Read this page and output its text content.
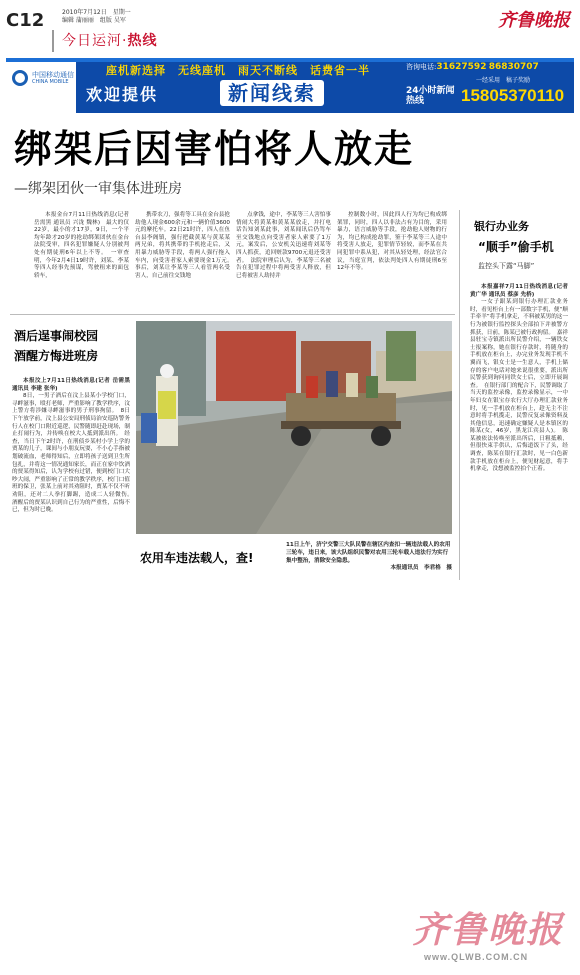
C12	2010年7月12日　星期一
编辑 蒲丽丽　组版 吴军
今日运河·热线
齐鲁晚报
中国移动通信
CHINA MOBILE
座机新选择　无线座机　雨天不断线　话费省一半
欢迎提供	新闻线索
咨询电话:31627592 86830707
一经采用　稿子奖励
24小时新闻热线	15805370110
绑架后因害怕将人放走
—绑架团伙一审集体进班房

本报金台7月11日热线消息(记者 岳需黑 通讯员 兴泷 魏林)　最大的仅22岁，最小的才17岁，9日，一个平均年龄才20岁的抢劫绑架团伙在金台法院受审，四名犯罪嫌疑人分别被判处有期徒刑6年以上不等。　一审查明，今年2月4日19时许，刘某、李某等四人经事先预谋，驾驶租来的面包轿车，

携带农刀，强将等工具在金台县抢劫他人现金600余元和一辆价值3600元的摩托车。22日21时许，四人在鱼台县李阁镇，强行把截黄某与黄某某两兄弟，将其携带的手机抢走后，又用暴力威胁等手段，将两人强行拖入车内，向受害者家人索要现金1万元。　事后，刘某让李某等三人看管两名受害人，自己前往交钱地

点拿钱，途中，李某等三人害怕事情闹大将黄某和黄某某放走，并打电话告知刘某此事，刘某闻讯后仍驾车至交钱地点向受害者家人索要了1万元，案发后，公安机关迅速将刘某等四人抓获，追回赃款9700元退还受害者。　法院审理后认为，李某等三名被告在犯罪过程中将两受害人释放，但已将被害人劫持并

控制数小时，因此四人行为均已构成绑架罪，同时，四人以非法占有为目的，采用暴力，语言威胁等手段，抢劫他人财物的行为，均已构成抢劫罪，鉴于李某等三人途中将受害人放走，犯罪情节轻较，而李某在共同犯罪中系从犯，对其从轻处理，经法官合议，当庭宣判，依法判处四人有期徒刑6至12年不等。

酒后逞事闹校园
酒醒方悔进班房

本报汶上7月11日热线消息(记者 岳需黑 通讯员 李建 张华)

8日，一男子酒后在汶上县某小学校门口，寻衅滋事，殴打老师，严重影响了教学秩序，汶上警方将涉嫌寻衅滋事的男子刑事拘留。　8日下午放学前，汶上县公安局刑侦局治安巡防警务行人在校门口附近巡逻，民警随即赶赴现场，制止打闹行为，并传唤在校大人抵到派出所。　经查，当日下午2时许，在刑侦乡某村小学上学的贾某的儿子，课间与小朋友玩耍，不小心手指被划破流血，老师得知后，立即将孩子送到卫生所包扎，并将这一情况通知家长，而正在家中饮酒的贾某得知后，认为学校有过错，便到校门口大吵大闹，严重影响了正常的教学秩序，校门口值班的保卫，张某上前对其劝阻时，贾某不仅不听劝阻，还对二人拳打脚踢，造成二人轻微伤。　酒醒后的贾某认识到自己行为的严重性，后悔不已，但为时已晚。

农用车违法载人，查!
11日上午，济宁交警三大队民警在辖区内查扣一辆违法载人的农用三轮车，违日来，该大队组织民警对农用三轮车载人违法行为实行集中整治，消除安全隐患。
本报通讯员　李君格　摄
银行办业务
“顺手”偷手机
监控头下露“马脚”

本报嘉祥7月11日热线消息(记者 黄广华 通讯员 蔡彦 先桥)

一女子跟某到银行办理汇款业务时，看见柜台上有一部数字手机，便“顺手牵羊”将手机拿走，不料被某男的这一行为被银行监控探头全部拍下并被警方抓获，日前，陈某已被行政拘留。　嘉祥县驻宝寺镇派出所民警介绍，一辆铁女士报案称，她在银行存款时，将随身的手机放在柜台上，办完业务发现手机不翼而飞，银女士是一生意人，手机上储存的客户电话对她来说很重要，派出所民警获到询问同铁女士后，立即开展调查。　在银行部门的配合下，民警调取了当天的监控录像，监控录像显示，一中年妇女在银宝存农行大厅办理汇款业务时，见一手机放在柜台上，趁无主不注意时将手机揽走，民警反复录像资料及其他信息，迅速确定嫌疑人是本镇区的陈某(女，46岁，黑龙江宾县人)。　陈某被依法传唤至派出所后，日粗抵赖，但很快束手供认，后悔道饭下了头，经调查，陈某在银行汇款时，见一白色新款手机放在柜台上，便见财起意，将手机拿走，没想被监控拍个正着。

齐鲁晚报
www.QLWB.COM.CN
